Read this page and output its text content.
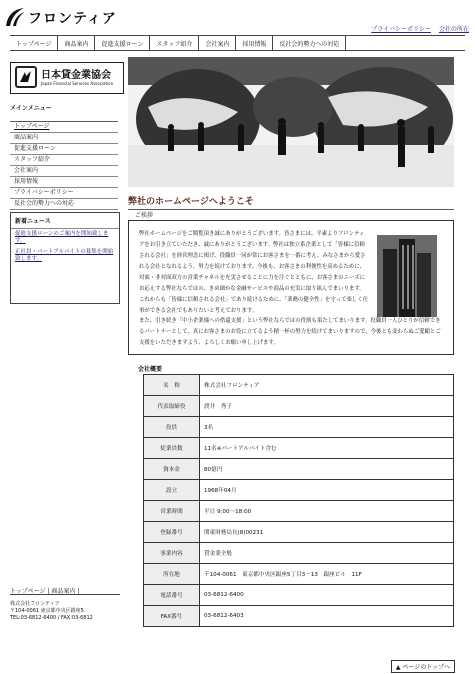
フロンティア
プライバシーポリシー 会社の所在
トップページ	商品案内	促進支援ローン	スタッフ紹介	会社案内	採用情報	反社会的勢力への対応
日本貸金業協会
Japan Financial Services Association
メインメニュー
トップページ
商品案内
促進支援ローン
スタッフ紹介
会社案内
採用情報
プライバシーポリシー
反社会的勢力への対応
新着ニュース
促進支援ローンのご案内を開始致します。
正社員・パートアルバイトの募集を開始致します。
弊社のホームページへようこそ
ご挨拶
弊社ホームページをご閲覧頂き誠にありがとうございます。皆さまには、平素よりフロンティアをお引き立ていただき、誠にありがとうございます。弊社は独立系企業として「皆様に信頼される会社」を経営理念に掲げ、役職員一同が常にお客さまを一番に考え、みなさまから愛される会社となれるよう、努力を続けております。今後も、お客さまの利便性を高めるために、対面・非対面双方の営業チャネルを充実させることに力を注ぐとともに、お客さまのニーズにお応えする弊社ならではの、きめ細かな金融サービスや商品の充実に取り組んでまいります。これからも「皆様に信頼される会社」であり続けるために、「業務の健全性」を守って楽しく仕事ができる会社でもありたいと考えております。
また、引き続き「中小企業様への借還支援」という弊社ならではの役割も果たしてまいります。役職員一人ひとりが信頼できるパートナーとして、真にお客さまのお役に立てるよう精一杯の努力を続けてまいりますので、今後とも変わらぬご愛顧とご支援をいただきますよう、よろしくお願い申し上げます。
会社概要
名　称	株式会社フロンティア
代表取締役	渡井　秀子
役員	3名
従業員数	11名※パートアルバイト含む
資本金	80億円
設立	1968年04月
営業時間	平日 9:00～18:00
登録番号	関東財務局長(8)00231
事業内容	貸金業全般
所在地	〒104-0061　東京都中央区銀座5丁目3－13　銀座ビル　11F
電話番号	03-6812-6400
FAX番号	03-6812-6403
トップページ | 商品案内 |
株式会社フロンティア
〒104-0061 東京都中央区銀座5
TEL:03-6812-6400 / FAX:03-6812
▲ ページのトップへ
